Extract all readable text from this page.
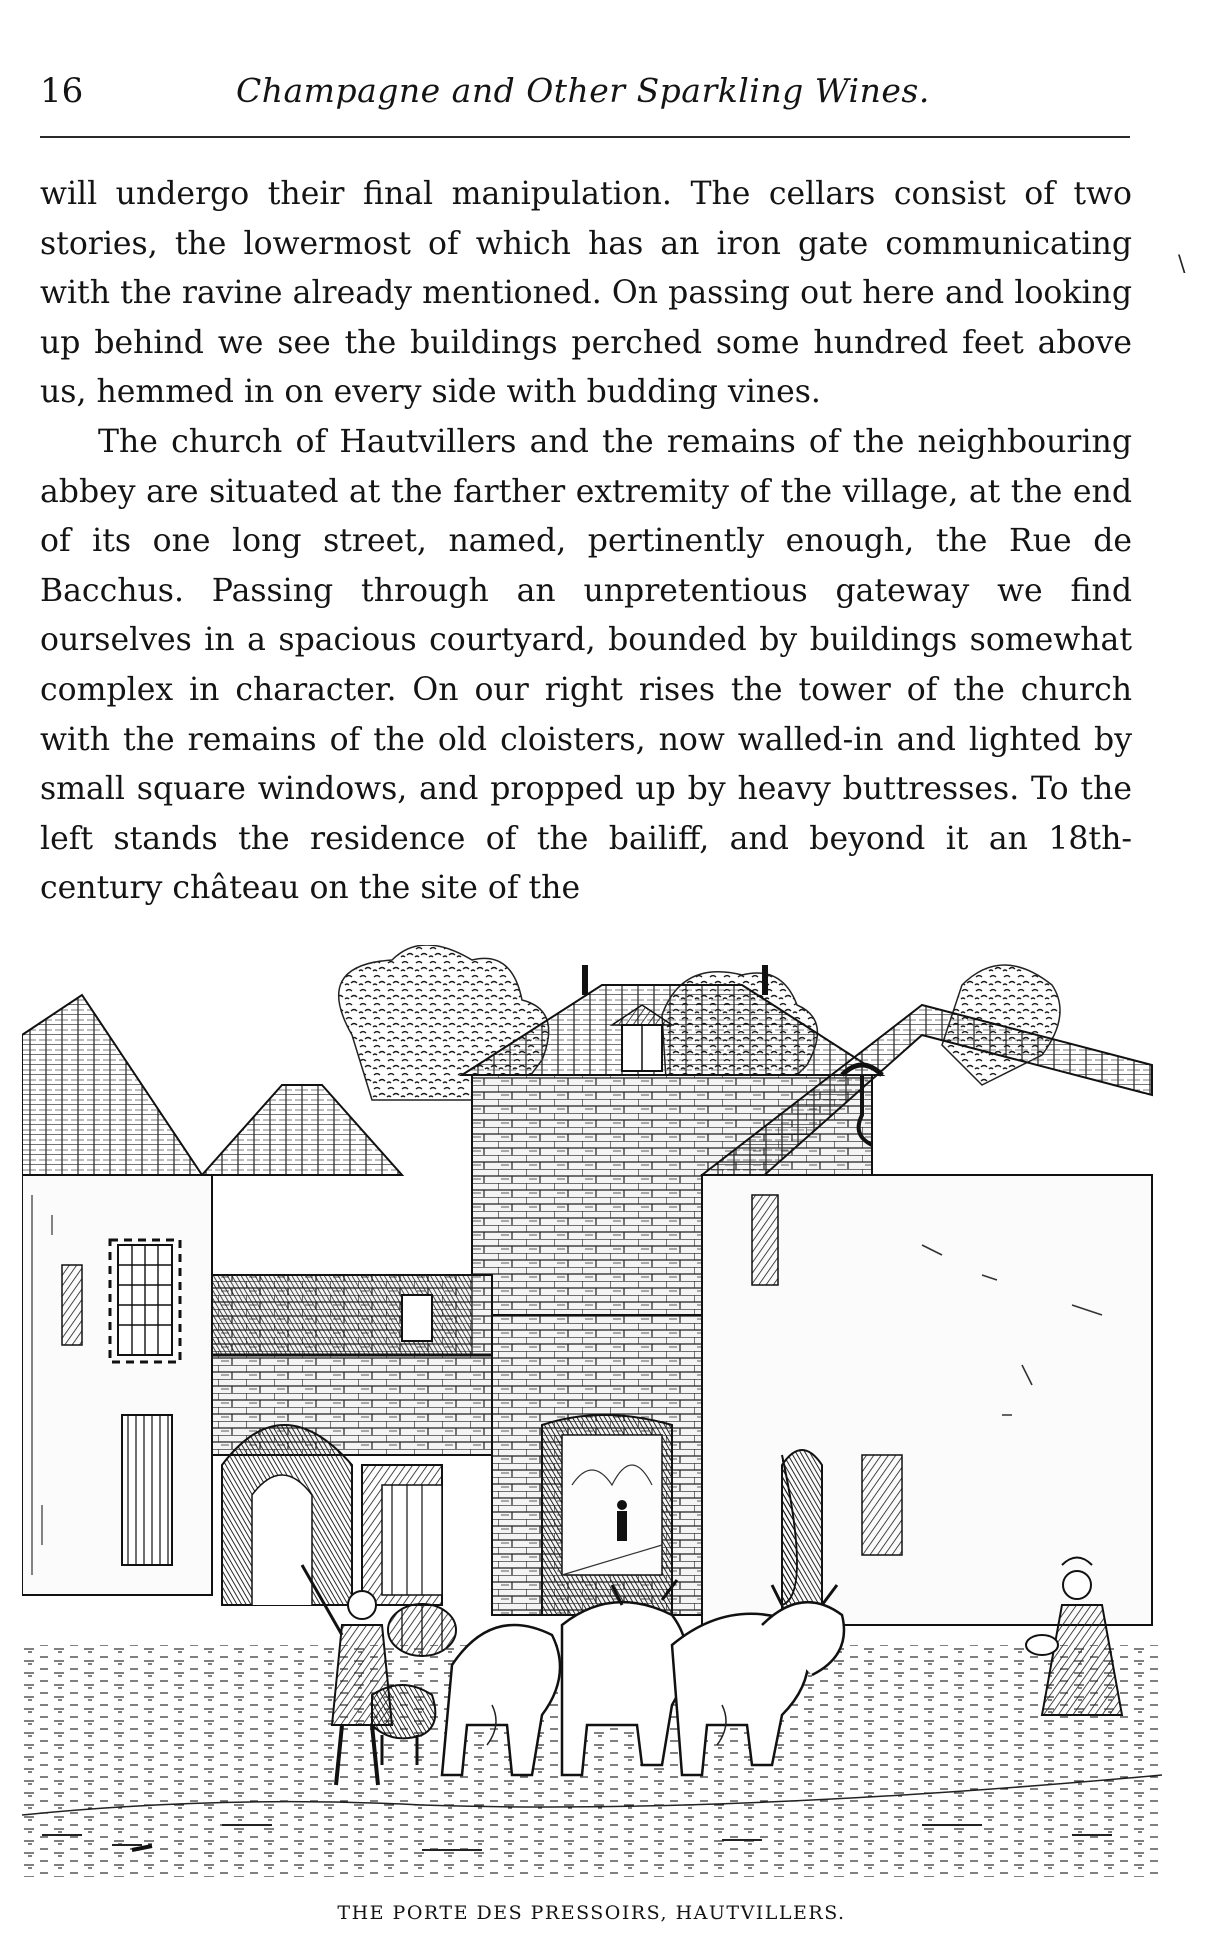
16	Champagne and Other Sparkling Wines.
\

will undergo their final manipulation. The cellars consist of two stories, the lowermost of which has an iron gate communicating with the ravine already mentioned. On passing out here and looking up behind we see the buildings perched some hundred feet above us, hemmed in on every side with budding vines.

The church of Hautvillers and the remains of the neighbouring abbey are situated at the farther extremity of the village, at the end of its one long street, named, pertinently enough, the Rue de Bacchus. Passing through an unpretentious gateway we find ourselves in a spacious courtyard, bounded by buildings somewhat complex in character. On our right rises the tower of the church with the remains of the old cloisters, now walled-in and lighted by small square windows, and propped up by heavy buttresses. To the left stands the residence of the bailiff, and beyond it an 18th-century château on the site of the

THE PORTE DES PRESSOIRS, HAUTVILLERS.
